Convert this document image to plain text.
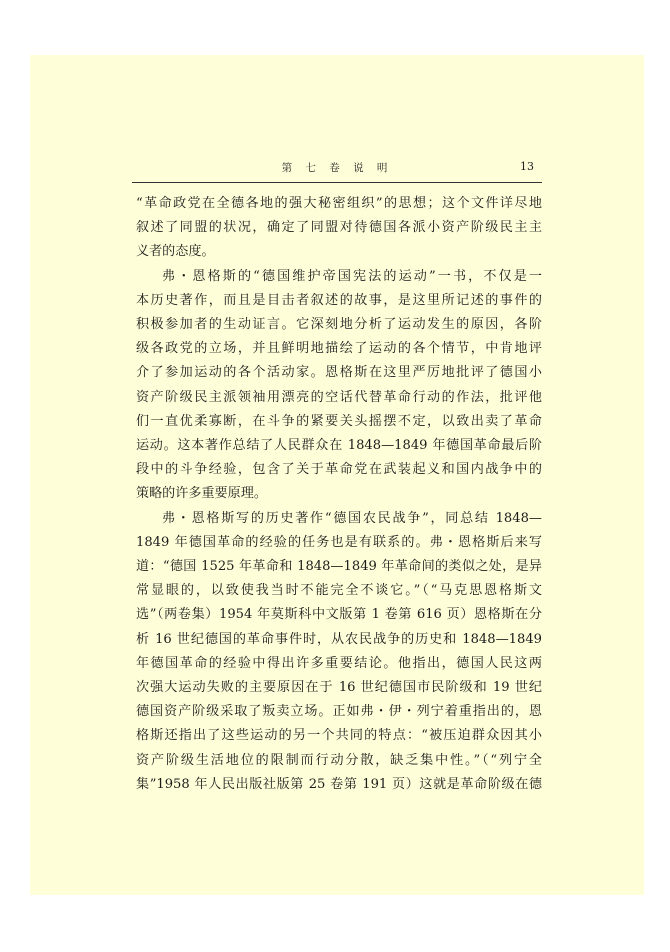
第 七 卷 说 明	13
“革命政党在全德各地的强大秘密组织”的思想；这个文件详尽地
叙述了同盟的状况，确定了同盟对待德国各派小资产阶级民主主
义者的态度。
弗・恩格斯的“德国维护帝国宪法的运动”一书，不仅是一
本历史著作，而且是目击者叙述的故事，是这里所记述的事件的
积极参加者的生动证言。它深刻地分析了运动发生的原因，各阶
级各政党的立场，并且鲜明地描绘了运动的各个情节，中肯地评
介了参加运动的各个活动家。恩格斯在这里严厉地批评了德国小
资产阶级民主派领袖用漂亮的空话代替革命行动的作法，批评他
们一直优柔寡断，在斗争的紧要关头摇摆不定，以致出卖了革命
运动。这本著作总结了人民群众在 1848—1849 年德国革命最后阶
段中的斗争经验，包含了关于革命党在武装起义和国内战争中的
策略的许多重要原理。
弗・恩格斯写的历史著作“德国农民战争”，同总结 1848—
1849 年德国革命的经验的任务也是有联系的。弗・恩格斯后来写
道：“德国 1525 年革命和 1848—1849 年革命间的类似之处，是异
常显眼的，以致使我当时不能完全不谈它。”（“马克思恩格斯文
选”（两卷集）1954 年莫斯科中文版第 1 卷第 616 页）恩格斯在分
析 16 世纪德国的革命事件时，从农民战争的历史和 1848—1849
年德国革命的经验中得出许多重要结论。他指出，德国人民这两
次强大运动失败的主要原因在于 16 世纪德国市民阶级和 19 世纪
德国资产阶级采取了叛卖立场。正如弗・伊・列宁着重指出的，恩
格斯还指出了这些运动的另一个共同的特点：“被压迫群众因其小
资产阶级生活地位的限制而行动分散，缺乏集中性。”（“列宁全
集”1958 年人民出版社版第 25 卷第 191 页）这就是革命阶级在德
